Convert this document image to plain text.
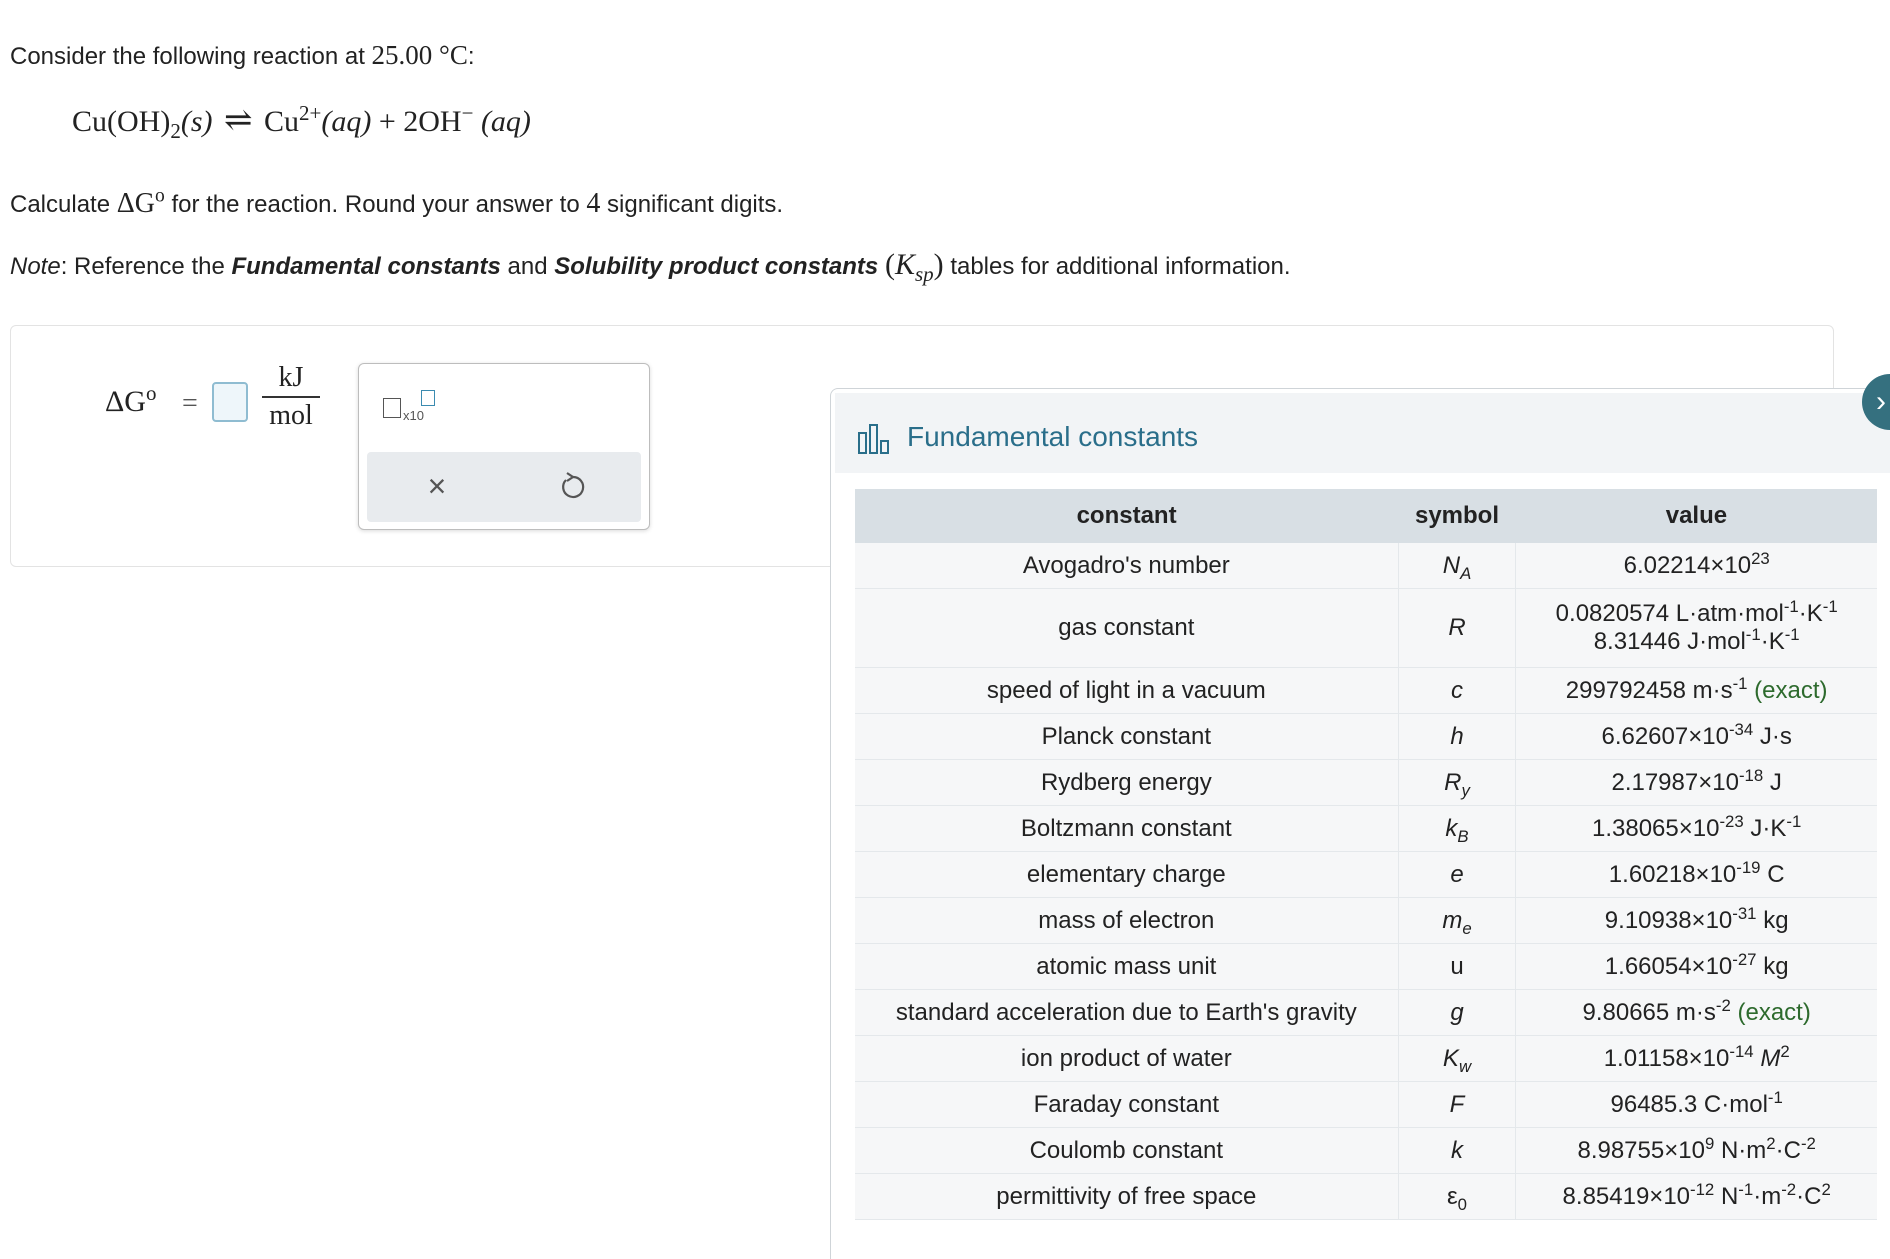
Consider the following reaction at 25.00 °C:
$Cu(OH)_2(s)$ ⇌ $Cu^{2+}(aq) + 2OH^-$ (aq)
Calculate $\Delta G^o$ for the reaction. Round your answer to 4 significant digits.
Note: Reference the Fundamental constants and Solubility product constants $(K_{sp})$ tables for additional information.
$\Delta G^o$ =
kJ
mol	x10
×
Fundamental constants
constant	symbol	value
Avogadro's number	$N_A$	$6.02214\times 10^{23}$
gas constant	R	0.0820574 $L\cdot atm\cdot mol^{-1}\cdot K^{-1}$
8.31446 $J\cdot mol^{-1}\cdot K^{-1}$
speed of light in a vacuum	c	299792458 $m\cdot s^{-1}$ (exact)
Planck constant	h	$6.62607\times 10^{-34}$ J·s
Rydberg energy	$R_y$	$2.17987\times 10^{-18}$ J
Boltzmann constant	$k_B$	$1.38065\times 10^{-23}$ $J\cdot K^{-1}$
elementary charge	e	$1.60218\times 10^{-19}$ C
mass of electron	$m_e$	$9.10938\times 10^{-31}$ kg
atomic mass unit	u	$1.66054\times 10^{-27}$ kg
standard acceleration due to Earth's gravity	g	9.80665 $m\cdot s^{-2}$ (exact)
ion product of water	$K_w$	$1.01158\times 10^{-14}$ $M^2$
Faraday constant	F	96485.3 C·mol$^{-1}$
Coulomb constant	k	$8.98755\times 10^9$ $N\cdot m^2\cdot C^{-2}$
permittivity of free space	$\varepsilon_0$	$8.85419\times 10^{-12}$ $N^{-1}\cdot m^{-2}\cdot C^2$
›
